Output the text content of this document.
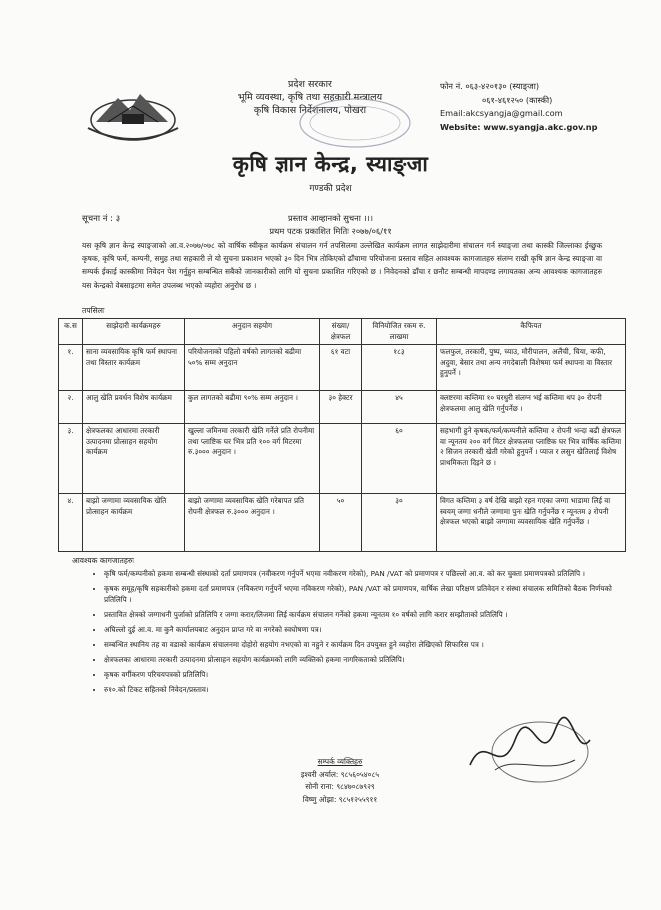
प्रदेश सरकार
भूमि व्यवस्था, कृषि तथा सहकारी मन्त्रालय
कृषि विकास निर्देशनालय, पोखरा
फोन नं. ०६३-४२०१३० (स्याङ्जा)
०६१-४६१२५० (कास्की)
Email:akcsyangja@gmail.com
Website: www.syangja.akc.gov.np
कृषि ज्ञान केन्द्र, स्याङ्जा
गण्डकी प्रदेश
सूचना नं : ३	प्रस्ताव आव्हानको सुचना ।।।
प्रथम पटक प्रकाशित मितिः २०७७/०६/११
यस कृषि ज्ञान केन्द्र स्याङ्जाको आ.व.२०७७/०७८ को वार्षिक स्वीकृत कार्यक्रम संचालन गर्न तपसिलमा उल्लेखित कार्यक्रम लागत साझेदारीमा संचालन गर्न स्याङ्जा तथा कास्की जिल्लाका ईच्छुक कृषक, कृषि फर्म, कम्पनी, समुह तथा सहकारी ले यो सुचना प्रकाशन भएको ३० दिन भित्र तोकिएको ढाँचामा परियोजना प्रस्ताव सहित आवश्यक कागजातहरु संलग्न राखी कृषि ज्ञान केन्द्र स्याङ्जा वा सम्पर्क ईकाई कास्कीमा निवेदन पेश गर्नुहुन सम्बन्धित सबैको जानकारीको लागि यो सुचना प्रकाशित गरिएको छ । निवेदनको ढाँचा र छनौट सम्बन्धी मापदण्ड लगायतका अन्य आवश्यक कागजातहरु यस केन्द्रको वेबसाइटमा समेत उपलब्ध भएको व्यहोरा अनुरोध छ ।
तपसिलः
क.स	साझेदारी कार्यक्रमहरु	अनुदान सहयोग	संख्या/ क्षेत्रफल	विनियोजित रकम रु. लाखमा	कैफियत
१.	साना व्यवसायिक कृषि फर्म स्थापना तथा विस्तार कार्यक्रम	परियोजनाको पहिलो वर्षको लागतको बढीमा ५०% सम्म अनुदान	६१ वटा	१८३	फलफुल, तरकारी, पुष्प, च्याउ, मौरीपालन, अलैंची, चिया, कफी, अदुवा, बेसार तथा अन्य नगदेबाली विशेषमा फर्म स्थापना वा विस्तार हुनुपर्ने ।
२.	आलु खेति प्रवर्धन विशेष कार्यक्रम	कुल लागतको बढीमा ९०% सम्म अनुदान ।	३० हेक्टर	४५	क्लष्टरमा कम्तिमा १० घरधुरी संलग्न भई कम्तिमा थप ३० रोपनी क्षेत्रफलमा आलु खेति गर्नुपर्नेछ ।
३.	क्षेत्रफलका आधारमा तरकारी उत्पादनमा प्रोत्साहन सहयोग कार्यक्रम	खुल्ला जमिनमा तरकारी खेति गर्नेले प्रति रोपनीमा तथा प्लाष्टिक घर भित्र प्रति १०० वर्ग मिटरमा रु.३००० अनुदान ।		६०	सहभागी हुने कृषक/फर्म/कम्पनीले कम्तिमा २ रोपनी भन्दा बढी क्षेत्रफल वा न्यूनतम २०० वर्ग मिटर क्षेत्रफलमा प्लाष्टिक घर भित्र वार्षिक कम्तिमा २ सिजन तरकारी खेती गरेको हुनुपर्ने । प्याज र लसुन खेतिलाई विशेष प्राथमिकता दिइने छ ।
४.	बाझो जग्गामा व्यवसायिक खेति प्रोत्साहन कार्यक्रम	बाझो जग्गामा व्यवसायिक खेति गरेबापत प्रति रोपनी क्षेत्रफल रु.३००० अनुदान ।	५०	३०	विगत कम्तिमा ३ वर्ष देखि बाझो रहन गएका जग्गा भाडामा लिई वा स्वयम् जग्गा धनीले जग्गामा पुनः खेति गर्नुपर्नेछ र न्यूनतम ३ रोपनी क्षेत्रफल भएको बाझो जग्गामा व्यवसायिक खेति गर्नुपर्नेछ ।
आवश्यक कागजातहरुः
• कृषि फर्म/कम्पनीको हकमा सम्बन्धी संस्थाको दर्ता प्रमाणपत्र (नवीकरण गर्नुपर्ने भएमा नवीकरण गरेको), PAN /VAT को प्रमाणपत्र र पछिल्लो आ.व. को कर चुक्ता प्रमाणपत्रको प्रतिलिपि ।
• कृषक समूह/कृषि सहकारीको हकमा दर्ता प्रमाणपत्र (नविकरण गर्नुपर्ने भएमा नविकरण गरेको), PAN /VAT को प्रमाणपत्र, वार्षिक लेखा परिक्षण प्रतिवेदन र संस्था संचालक समितिको बैठक निर्णयको प्रतिलिपि ।
• प्रस्तावित क्षेत्रको जग्गाधनी पुर्जाको प्रतिलिपि र जग्गा करार/लिजमा लिई कार्यक्रम संचालन गर्नेको हकमा न्यूनतम १० वर्षको लागि करार सम्झौताको प्रतिलिपि ।
• अघिल्लो दुई आ.व. मा कुनै कार्यालयबाट अनुदान प्राप्त गरे वा नगरेको स्वघोषणा पत्र।
• सम्बन्धित स्थानिय तह वा वडाको कार्यक्रम संचालनमा दोहोरो सहयोग नभएको वा नहुने र कार्यक्रम दिन उपयुक्त हुने व्यहोरा लेखिएको सिफारिस पत्र ।
• क्षेत्रफलका आधारमा तरकारी उत्पादनमा प्रोत्साहन सहयोग कार्यक्रमको लागि व्यक्तिको हकमा नागरिकताको प्रतिलिपि।
• कृषक वर्गीकरण परिचयपत्रको प्रतिलिपि।
• रु१०.को टिकट सहितको निवेदन/प्रस्ताव।
सम्पर्क व्यक्तिहरु
इश्वरी अर्याल: ९८५६०५४०८५
सोनी राना: ९८४७०८७९२९
विष्णु ओझा: ९८५१२५५९११
